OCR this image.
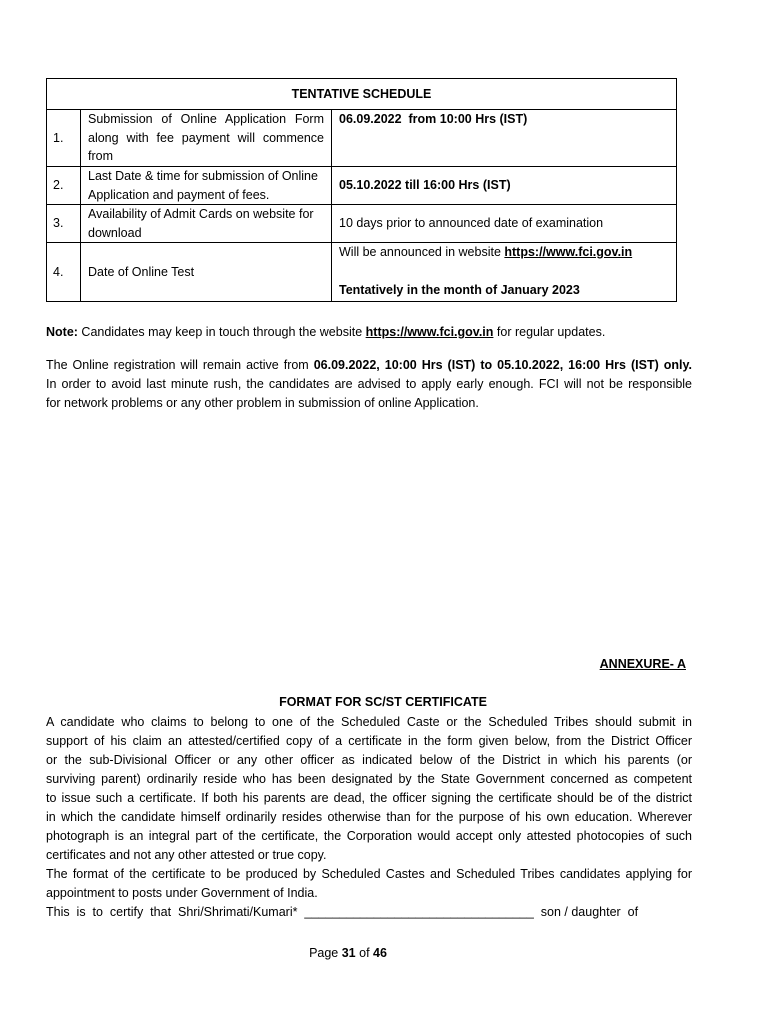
TENTATIVE SCHEDULE		
1.	Submission of Online Application Form along with fee payment will commence from	06.09.2022  from 10:00 Hrs (IST)
2.	Last Date & time for submission of Online Application and payment of fees.	05.10.2022 till 16:00 Hrs (IST)
3.	Availability of Admit Cards on website for download	10 days prior to announced date of examination
4.	Date of Online Test	Will be announced in website https://www.fci.gov.in
Tentatively in the month of January 2023
Note: Candidates may keep in touch through the website https://www.fci.gov.in for regular updates.
The Online registration will remain active from 06.09.2022, 10:00 Hrs (IST) to 05.10.2022, 16:00 Hrs (IST) only.
In order to avoid last minute rush, the candidates are advised to apply early enough. FCI will not be responsible
for network problems or any other problem in submission of online Application.
ANNEXURE- A
FORMAT FOR SC/ST CERTIFICATE
A candidate who claims to belong to one of the Scheduled Caste or the Scheduled Tribes should submit in
support of his claim an attested/certified copy of a certificate in the form given below, from the District Officer
or the sub-Divisional Officer or any other officer as indicated below of the District in which his parents (or
surviving parent) ordinarily reside who has been designated by the State Government concerned as competent
to issue such a certificate. If both his parents are dead, the officer signing the certificate should be of the district
in which the candidate himself ordinarily resides otherwise than for the purpose of his own education. Wherever
photograph is an integral part of the certificate, the Corporation would accept only attested photocopies of such
certificates and not any other attested or true copy.
The format of the certificate to be produced by Scheduled Castes and Scheduled Tribes candidates applying for
appointment to posts under Government of India.
This  is  to  certify  that  Shri/Shrimati/Kumari*  _________________________________  son / daughter  of
Page 31 of 46
